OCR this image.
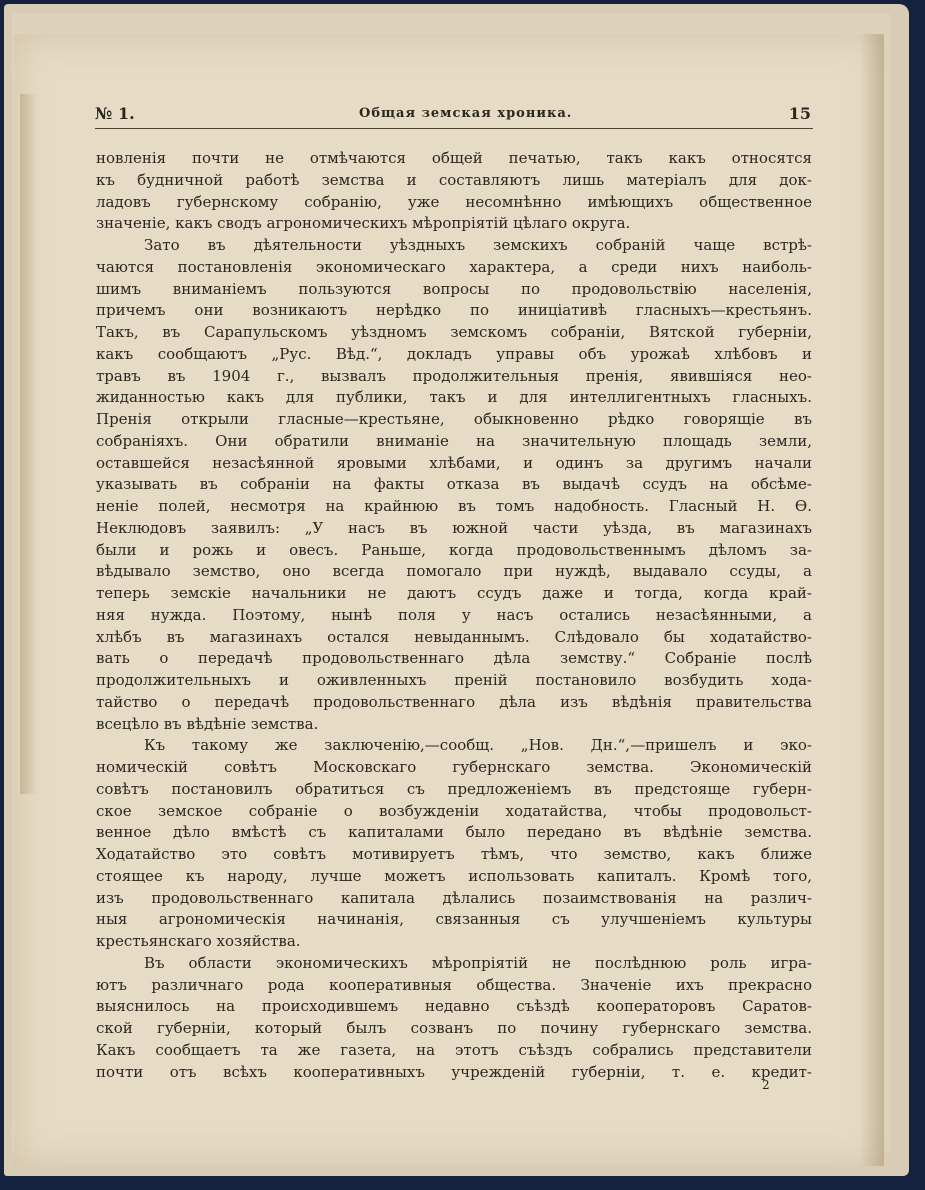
№ 1.	Общая земская хроника.	15
новленія почти не отмѣчаются общей печатью, такъ какъ относятся
къ будничной работѣ земства и составляютъ лишь матеріалъ для док-
ладовъ губернскому собранію, уже несомнѣнно имѣющихъ общественное
значеніе, какъ сводъ агрономическихъ мѣропріятій цѣлаго округа.
Зато въ дѣятельности уѣздныхъ земскихъ собраній чаще встрѣ-
чаются постановленія экономическаго характера, а среди нихъ наиболь-
шимъ вниманіемъ пользуются вопросы по продовольствію населенія,
причемъ они возникаютъ нерѣдко по иниціативѣ гласныхъ—крестьянъ.
Такъ, въ Сарапульскомъ уѣздномъ земскомъ собраніи, Вятской губерніи,
какъ сообщаютъ „Рус. Вѣд.“, докладъ управы объ урожаѣ хлѣбовъ и
травъ въ 1904 г., вызвалъ продолжительныя пренія, явившіяся нео-
жиданностью какъ для публики, такъ и для интеллигентныхъ гласныхъ.
Пренія открыли гласные—крестьяне, обыкновенно рѣдко говорящіе въ
собраніяхъ. Они обратили вниманіе на значительную площадь земли,
оставшейся незасѣянной яровыми хлѣбами, и одинъ за другимъ начали
указывать въ собраніи на факты отказа въ выдачѣ ссудъ на обсѣме-
неніе полей, несмотря на крайнюю въ томъ надобность. Гласный Н. Ѳ.
Неклюдовъ заявилъ: „У насъ въ южной части уѣзда, въ магазинахъ
были и рожь и овесъ. Раньше, когда продовольственнымъ дѣломъ за-
вѣдывало земство, оно всегда помогало при нуждѣ, выдавало ссуды, а
теперь земскіе начальники не даютъ ссудъ даже и тогда, когда край-
няя нужда. Поэтому, нынѣ поля у насъ остались незасѣянными, а
хлѣбъ въ магазинахъ остался невыданнымъ. Слѣдовало бы ходатайство-
вать о передачѣ продовольственнаго дѣла земству.“ Собраніе послѣ
продолжительныхъ и оживленныхъ преній постановило возбудить хода-
тайство о передачѣ продовольственнаго дѣла изъ вѣдѣнія правительства
всецѣло въ вѣдѣніе земства.
Къ такому же заключенію,—сообщ. „Нов. Дн.“,—пришелъ и эко-
номическій совѣтъ Московскаго губернскаго земства. Экономическій
совѣтъ постановилъ обратиться съ предложеніемъ въ предстояще губерн-
ское земское собраніе о возбужденіи ходатайства, чтобы продовольст-
венное дѣло вмѣстѣ съ капиталами было передано въ вѣдѣніе земства.
Ходатайство это совѣтъ мотивируетъ тѣмъ, что земство, какъ ближе
стоящее къ народу, лучше можетъ использовать капиталъ. Кромѣ того,
изъ продовольственнаго капитала дѣлались позаимствованія на различ-
ныя агрономическія начинанія, связанныя съ улучшеніемъ культуры
крестьянскаго хозяйства.
Въ области экономическихъ мѣропріятій не послѣднюю роль игра-
ютъ различнаго рода кооперативныя общества. Значеніе ихъ прекрасно
выяснилось на происходившемъ недавно съѣздѣ кооператоровъ Саратов-
ской губерніи, который былъ созванъ по почину губернскаго земства.
Какъ сообщаетъ та же газета, на этотъ съѣздъ собрались представители
почти отъ всѣхъ кооперативныхъ учрежденій губерніи, т. е. кредит-
2
